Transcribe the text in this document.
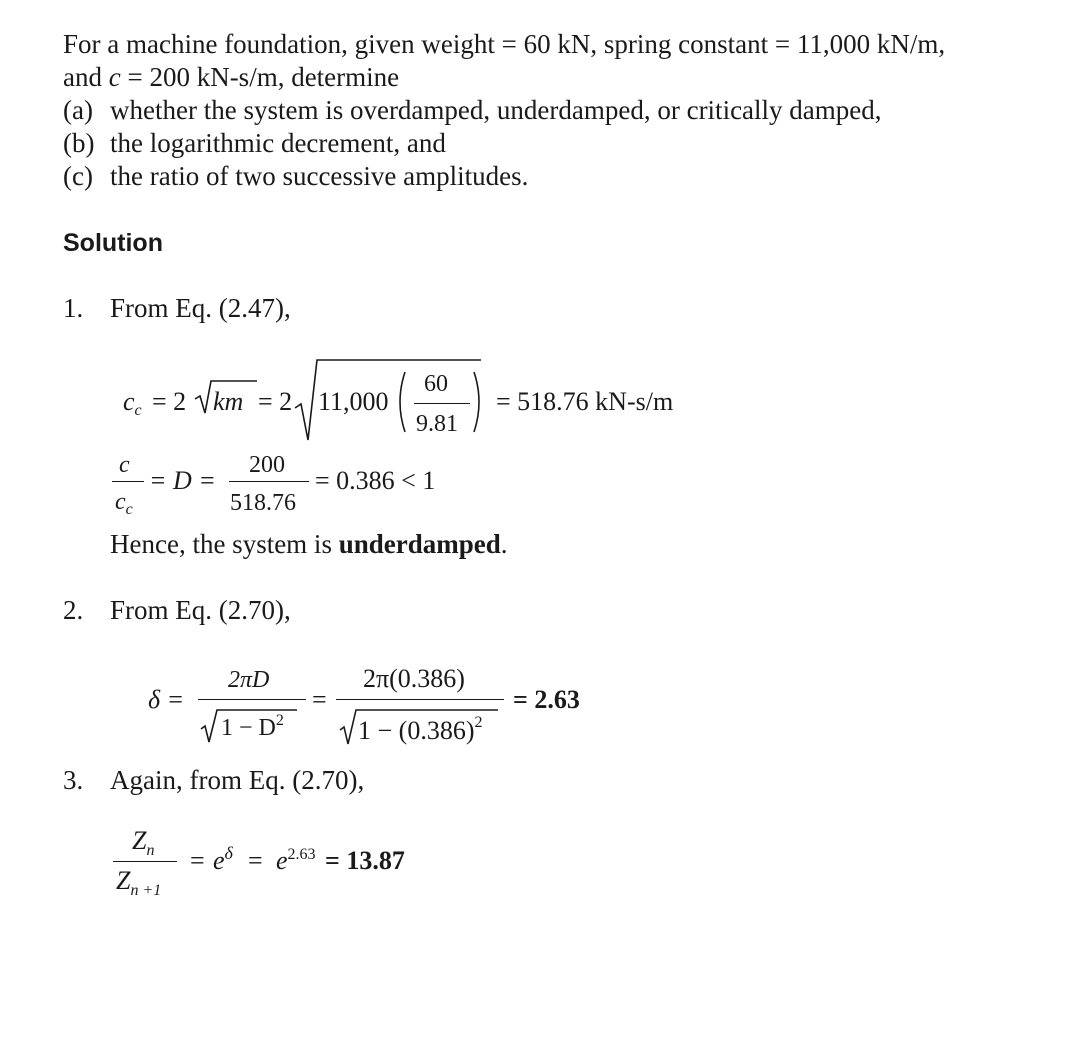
For a machine foundation, given weight = 60 kN, spring constant = 11,000 kN/m,
and c = 200 kN-s/m, determine
(a) whether the system is overdamped, underdamped, or critically damped,
(b) the logarithmic decrement, and
(c) the ratio of two successive amplitudes.
Solution
1. From Eq. (2.47),
cc = 2 km = 2 11,000
60
9.81
= 518.76 kN-s/m
c
$c_c$
= D =
200
518.76
= 0.386 < 1
Hence, the system is underdamped.
2. From Eq. (2.70),
δ =
2πD
$1 - D^2$
=
2π(0.386)
$1 - (0.386)^2$
= 2.63
3. Again, from Eq. (2.70),
$Z_n$
$Z_{n +1}$
= $e^\delta = e^{2.63} = 13.87$
